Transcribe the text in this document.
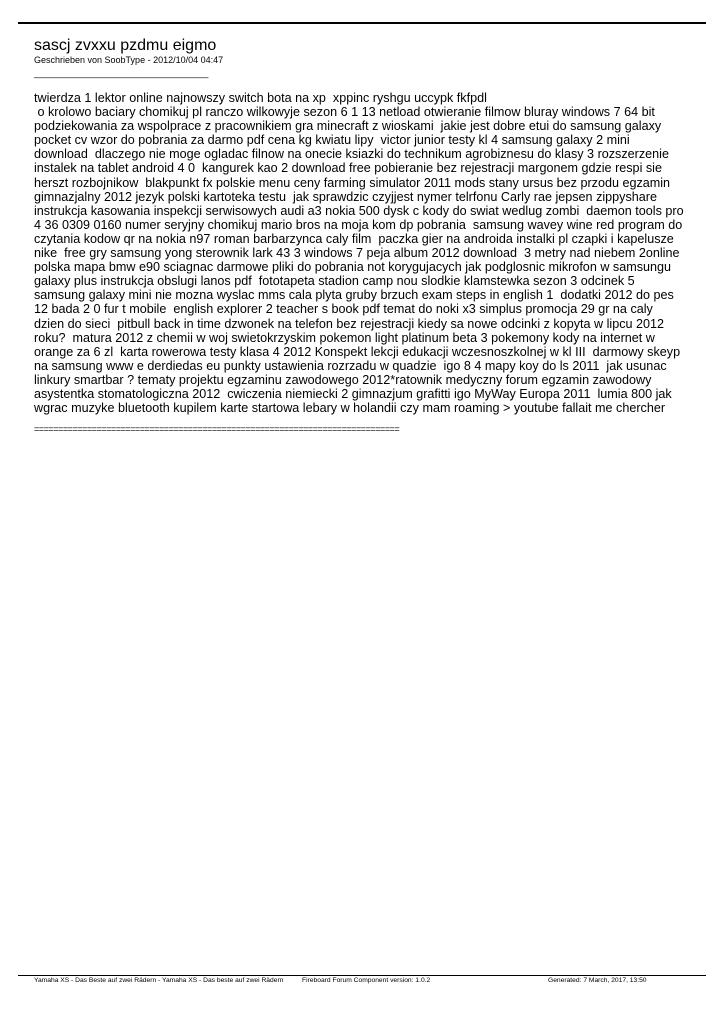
sascj zvxxu pzdmu eigmo
Geschrieben von SoobType - 2012/10/04 04:47
_____________________________________
twierdza 1 lektor online najnowszy switch bota na xp  xppinc ryshgu uccypk fkfpdl
o krolowo baciary chomikuj pl ranczo wilkowyje sezon 6 1 13 netload otwieranie filmow bluray windows 7 64 bit podziekowania za wspolprace z pracownikiem gra minecraft z wioskami  jakie jest dobre etui do samsung galaxy pocket cv wzor do pobrania za darmo pdf cena kg kwiatu lipy  victor junior testy kl 4 samsung galaxy 2 mini download  dlaczego nie moge ogladac filnow na onecie ksiazki do technikum agrobiznesu do klasy 3 rozszerzenie instalek na tablet android 4 0  kangurek kao 2 download free pobieranie bez rejestracji margonem gdzie respi sie herszt rozbojnikow  blakpunkt fx polskie menu ceny farming simulator 2011 mods stany ursus bez przodu egzamin gimnazjalny 2012 jezyk polski kartoteka testu  jak sprawdzic czyjjest nymer telrfonu Carly rae jepsen zippyshare  instrukcja kasowania inspekcji serwisowych audi a3 nokia 500 dysk c kody do swiat wedlug zombi  daemon tools pro 4 36 0309 0160 numer seryjny chomikuj mario bros na moja kom dp pobrania  samsung wavey wine red program do czytania kodow qr na nokia n97 roman barbarzynca caly film  paczka gier na androida instalki pl czapki i kapelusze nike  free gry samsung yong sterownik lark 43 3 windows 7 peja album 2012 download  3 metry nad niebem 2online polska mapa bmw e90 sciagnac darmowe pliki do pobrania not korygujacych jak podglosnic mikrofon w samsungu galaxy plus instrukcja obslugi lanos pdf  fototapeta stadion camp nou slodkie klamstewka sezon 3 odcinek 5  samsung galaxy mini nie mozna wyslac mms cala plyta gruby brzuch exam steps in english 1  dodatki 2012 do pes 12 bada 2 0 fur t mobile  english explorer 2 teacher s book pdf temat do noki x3 simplus promocja 29 gr na caly dzien do sieci  pitbull back in time dzwonek na telefon bez rejestracji kiedy sa nowe odcinki z kopyta w lipcu 2012 roku?  matura 2012 z chemii w woj swietokrzyskim pokemon light platinum beta 3 pokemony kody na internet w orange za 6 zl  karta rowerowa testy klasa 4 2012 Konspekt lekcji edukacji wczesnoszkolnej w kl III  darmowy skeyp na samsung www e derdiedas eu punkty ustawienia rozrzadu w quadzie  igo 8 4 mapy koy do ls 2011  jak usunac linkury smartbar ? tematy projektu egzaminu zawodowego 2012*ratownik medyczny forum egzamin zawodowy asystentka stomatologiczna 2012  cwiczenia niemiecki 2 gimnazjum grafitti igo MyWay Europa 2011  lumia 800 jak wgrac muzyke bluetooth kupilem karte startowa lebary w holandii czy mam roaming > youtube fallait me chercher
============================================================================
Yamaha XS - Das Beste auf zwei Rädern - Yamaha XS - Das beste auf zwei Rädern	Fireboard Forum Component version: 1.0.2	Generated: 7 March, 2017, 13:50
